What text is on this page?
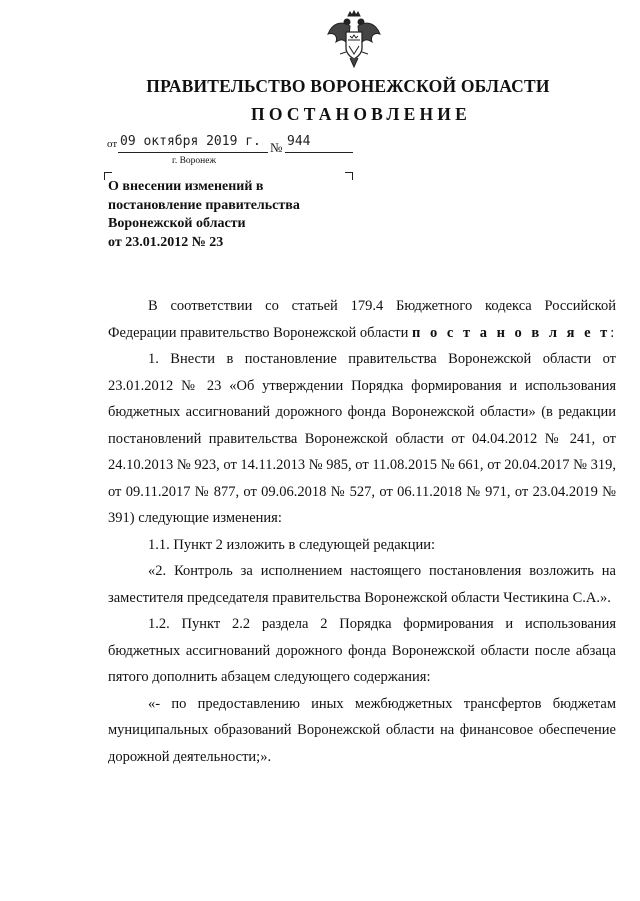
ПРАВИТЕЛЬСТВО ВОРОНЕЖСКОЙ ОБЛАСТИ
ПОСТАНОВЛЕНИЕ
от 09 октября 2019 г. № 944
г. Воронеж
О внесении изменений в
постановление правительства
Воронежской области
от 23.01.2012 № 23

В соответствии со статьей 179.4 Бюджетного кодекса Российской Федерации правительство Воронежской области п о с т а н о в л я е т:

1. Внести в постановление правительства Воронежской области от 23.01.2012 № 23 «Об утверждении Порядка формирования и использования бюджетных ассигнований дорожного фонда Воронежской области» (в редакции постановлений правительства Воронежской области от 04.04.2012 № 241, от 24.10.2013 № 923, от 14.11.2013 № 985, от 11.08.2015 № 661, от 20.04.2017 № 319, от 09.11.2017 № 877, от 09.06.2018 № 527, от 06.11.2018 № 971, от 23.04.2019 № 391) следующие изменения:

1.1. Пункт 2 изложить в следующей редакции:

«2. Контроль за исполнением настоящего постановления возложить на заместителя председателя правительства Воронежской области Честикина С.А.».

1.2. Пункт 2.2 раздела 2 Порядка формирования и использования бюджетных ассигнований дорожного фонда Воронежской области после абзаца пятого дополнить абзацем следующего содержания:

«- по предоставлению иных межбюджетных трансфертов бюджетам муниципальных образований Воронежской области на финансовое обеспечение дорожной деятельности;».
